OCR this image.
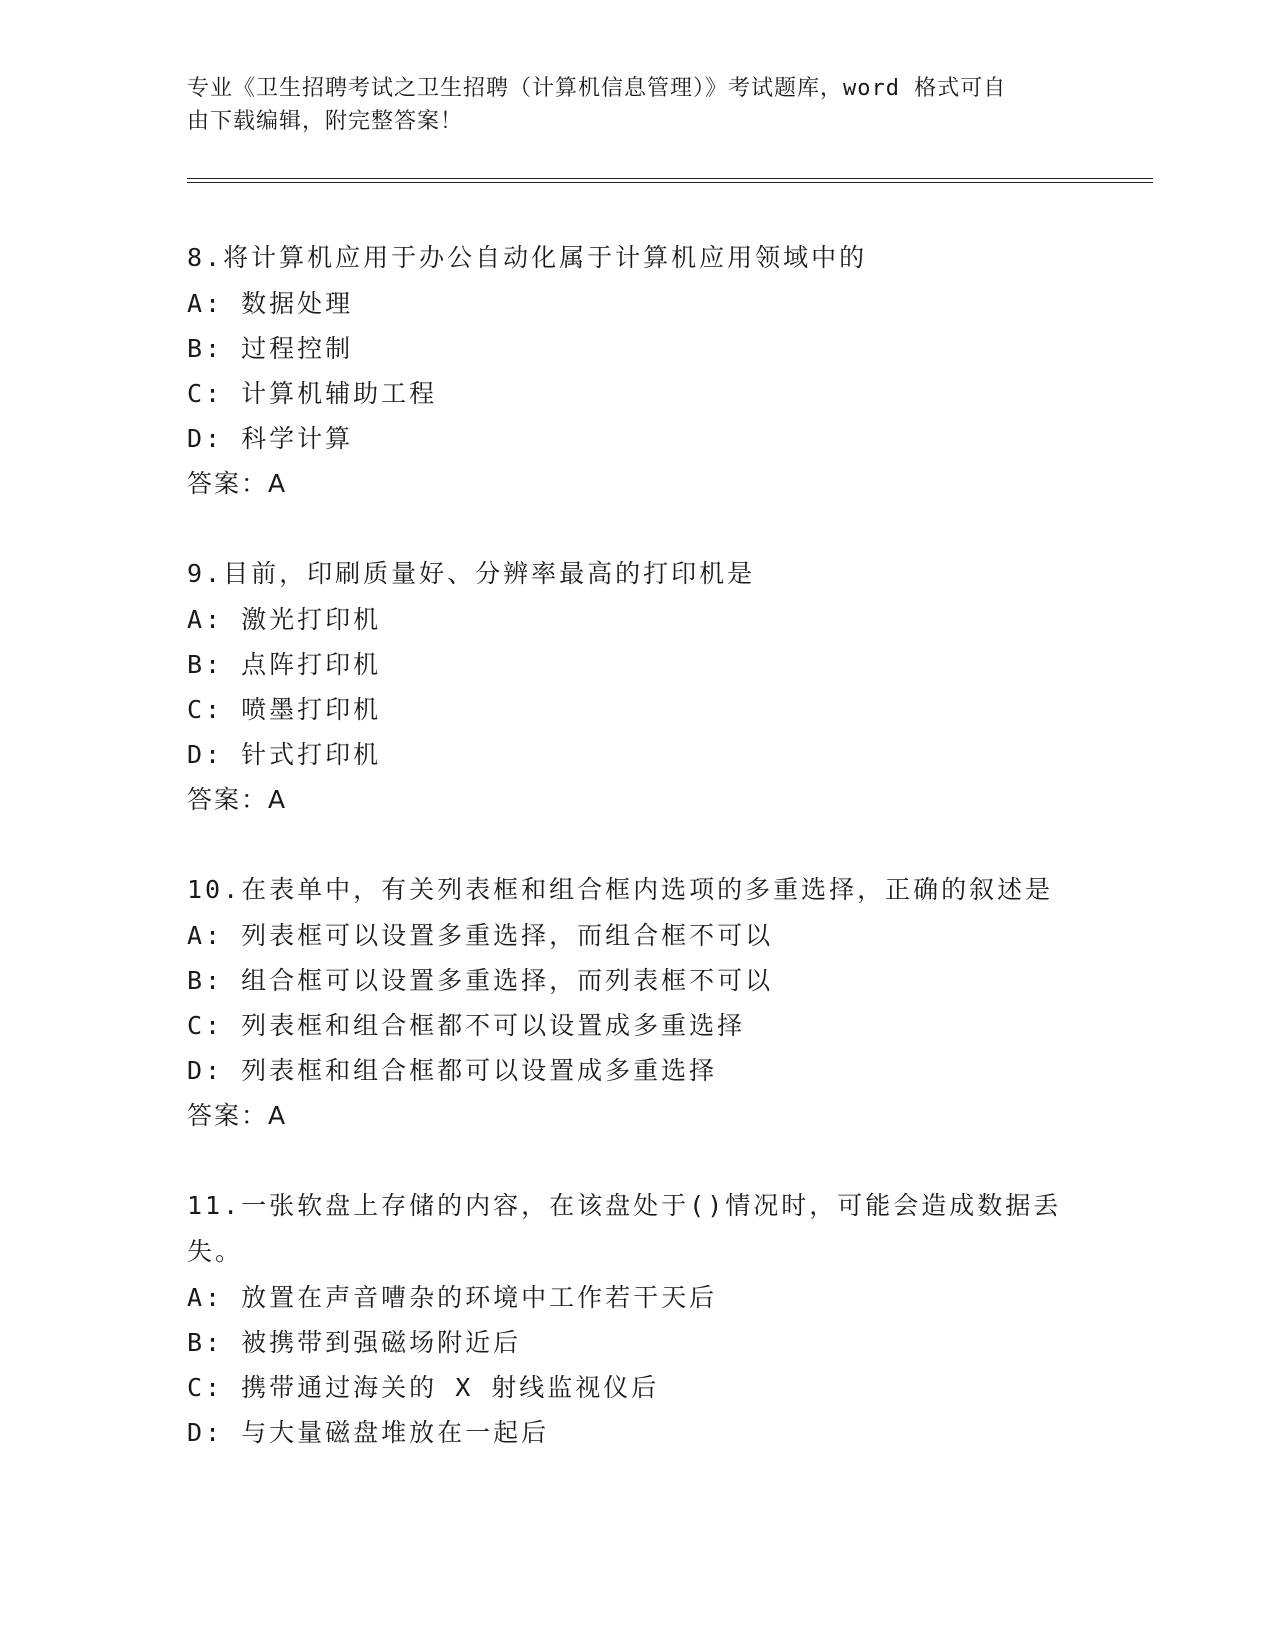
专业《卫生招聘考试之卫生招聘（计算机信息管理）》考试题库，word 格式可自
由下载编辑，附完整答案！
8.将计算机应用于办公自动化属于计算机应用领域中的
A: 数据处理
B: 过程控制
C: 计算机辅助工程
D: 科学计算
答案：A
9.目前，印刷质量好、分辨率最高的打印机是
A: 激光打印机
B: 点阵打印机
C: 喷墨打印机
D: 针式打印机
答案：A
10.在表单中，有关列表框和组合框内选项的多重选择，正确的叙述是
A: 列表框可以设置多重选择，而组合框不可以
B: 组合框可以设置多重选择，而列表框不可以
C: 列表框和组合框都不可以设置成多重选择
D: 列表框和组合框都可以设置成多重选择
答案：A
11.一张软盘上存储的内容，在该盘处于()情况时，可能会造成数据丢失。
A: 放置在声音嘈杂的环境中工作若干天后
B: 被携带到强磁场附近后
C: 携带通过海关的 X 射线监视仪后
D: 与大量磁盘堆放在一起后
